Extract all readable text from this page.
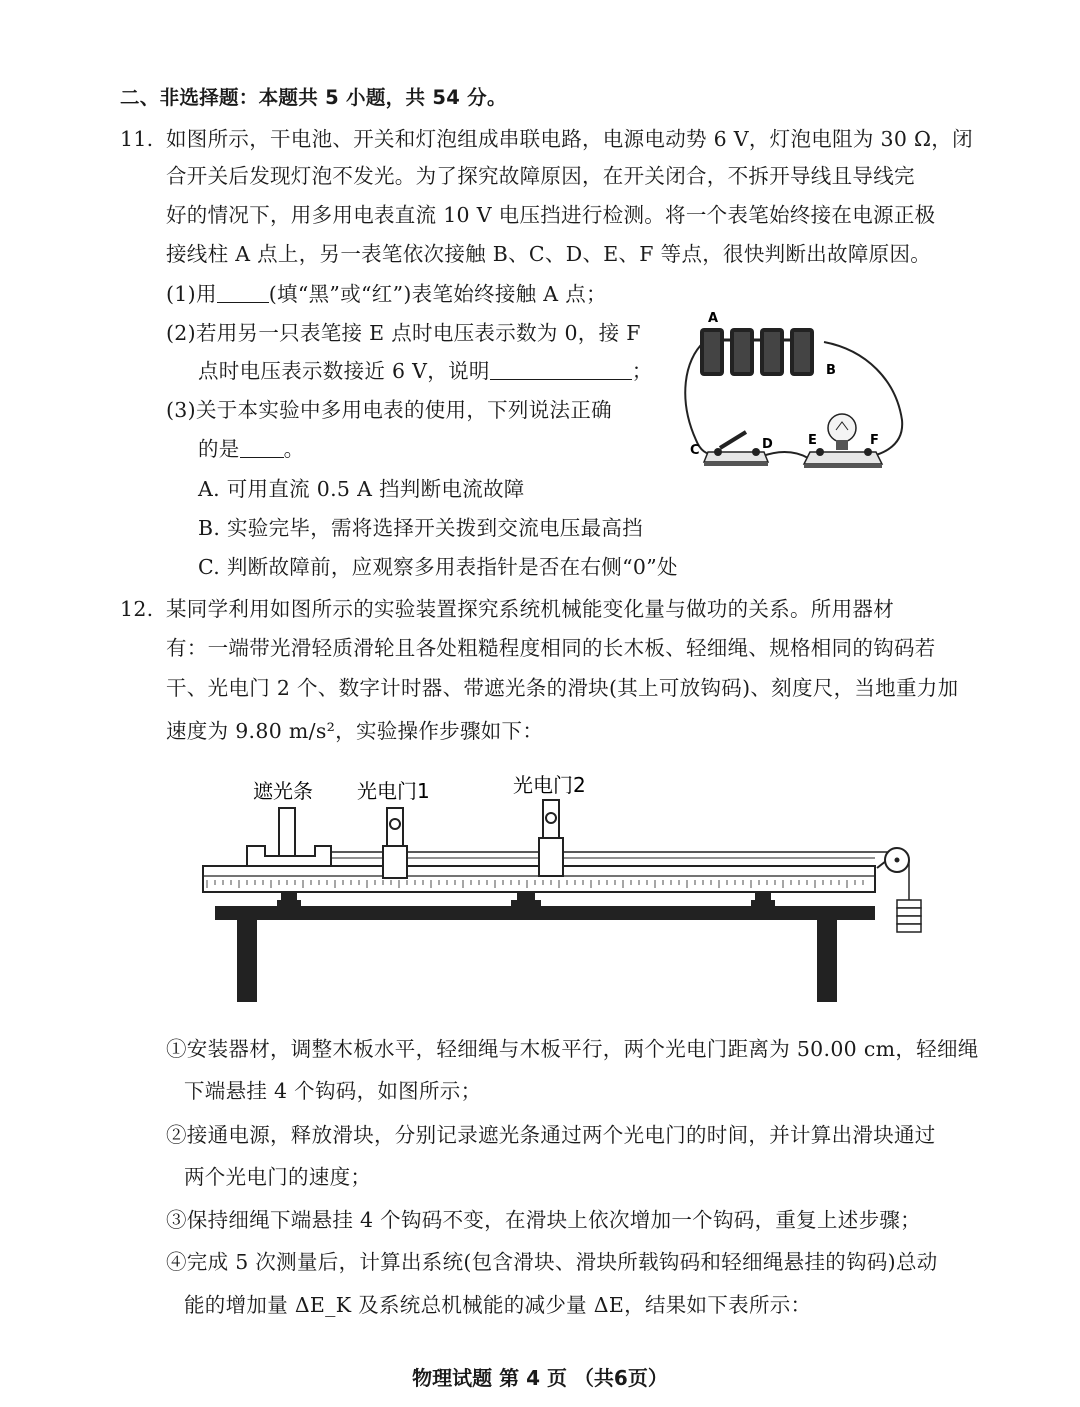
二、非选择题：本题共 5 小题，共 54 分。
11. 如图所示，干电池、开关和灯泡组成串联电路，电源电动势 6 V，灯泡电阻为 30 Ω，闭
合开关后发现灯泡不发光。为了探究故障原因，在开关闭合，不拆开导线且导线完
好的情况下，用多用电表直流 10 V 电压挡进行检测。将一个表笔始终接在电源正极
接线柱 A 点上，另一表笔依次接触 B、C、D、E、F 等点，很快判断出故障原因。
(1)用	(填“黑”或“红”)表笔始终接触 A 点；
(2)若用另一只表笔接 E 点时电压表示数为 0，接 F
点时电压表示数接近 6 V，说明	；
(3)关于本实验中多用电表的使用，下列说法正确
的是 。
A. 可用直流 0.5 A 挡判断电流故障
B. 实验完毕，需将选择开关拨到交流电压最高挡
C. 判断故障前，应观察多用表指针是否在右侧“0”处
A
B
C	D	E	F
12. 某同学利用如图所示的实验装置探究系统机械能变化量与做功的关系。所用器材
有：一端带光滑轻质滑轮且各处粗糙程度相同的长木板、轻细绳、规格相同的钩码若
干、光电门 2 个、数字计时器、带遮光条的滑块(其上可放钩码)、刻度尺，当地重力加
速度为 9.80 m/s²，实验操作步骤如下：
遮光条 光电门1	光电门2
①安装器材，调整木板水平，轻细绳与木板平行，两个光电门距离为 50.00 cm，轻细绳
下端悬挂 4 个钩码，如图所示；
②接通电源，释放滑块，分别记录遮光条通过两个光电门的时间，并计算出滑块通过
两个光电门的速度；
③保持细绳下端悬挂 4 个钩码不变，在滑块上依次增加一个钩码，重复上述步骤；
④完成 5 次测量后，计算出系统(包含滑块、滑块所载钩码和轻细绳悬挂的钩码)总动
能的增加量 ΔE_K 及系统总机械能的减少量 ΔE，结果如下表所示：
物理试题 第 4 页 （共6页）
